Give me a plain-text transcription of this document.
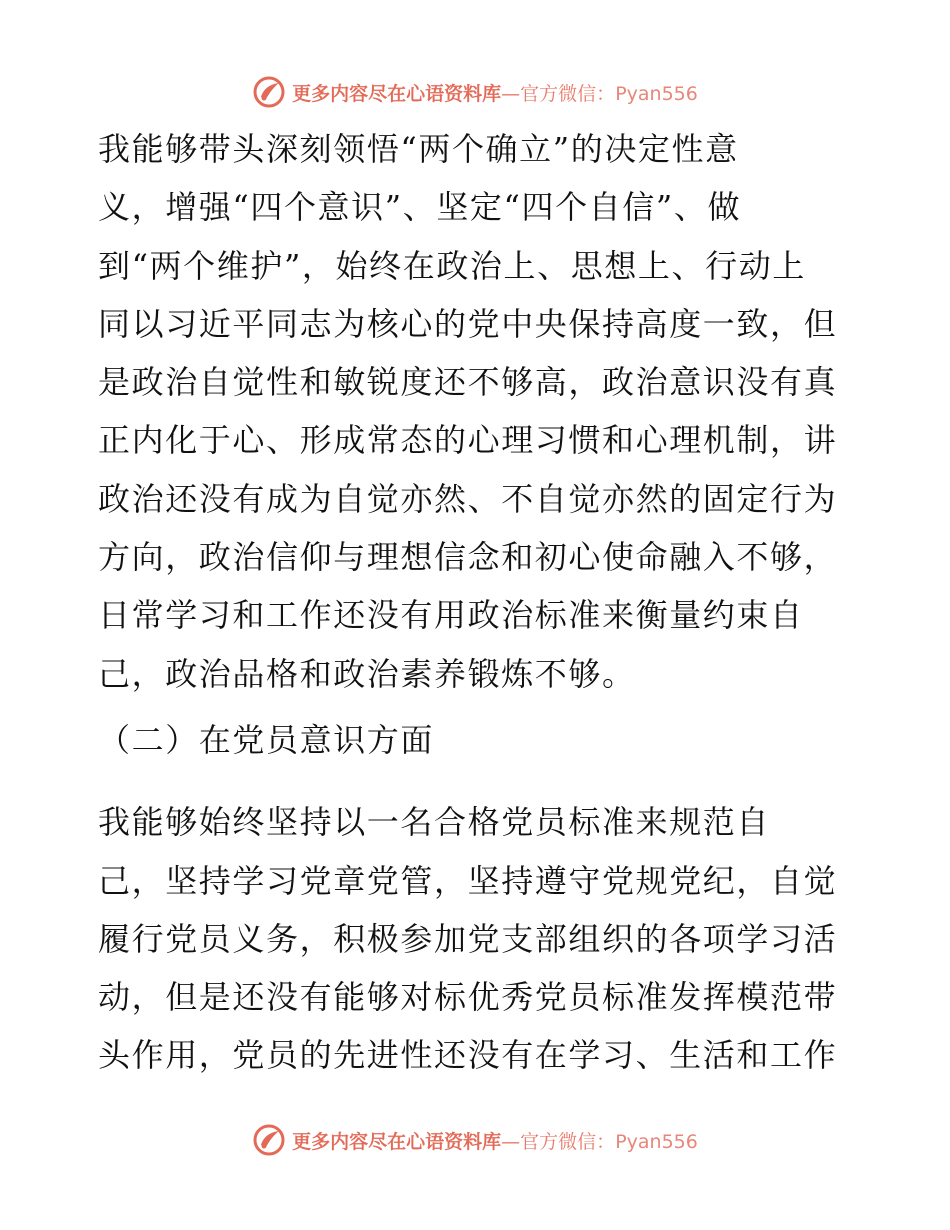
更多内容尽在心语资料库—官方微信：Pyan556

我能够带头深刻领悟“两个确立”的决定性意
义，增强“四个意识”、坚定“四个自信”、做
到“两个维护”，始终在政治上、思想上、行动上
同以习近平同志为核心的党中央保持高度一致，但
是政治自觉性和敏锐度还不够高，政治意识没有真
正内化于心、形成常态的心理习惯和心理机制，讲
政治还没有成为自觉亦然、不自觉亦然的固定行为
方向，政治信仰与理想信念和初心使命融入不够，
日常学习和工作还没有用政治标准来衡量约束自
己，政治品格和政治素养锻炼不够。

（二）在党员意识方面

我能够始终坚持以一名合格党员标准来规范自
己，坚持学习党章党管，坚持遵守党规党纪，自觉
履行党员义务，积极参加党支部组织的各项学习活
动，但是还没有能够对标优秀党员标准发挥模范带
头作用，党员的先进性还没有在学习、生活和工作

更多内容尽在心语资料库—官方微信：Pyan556
